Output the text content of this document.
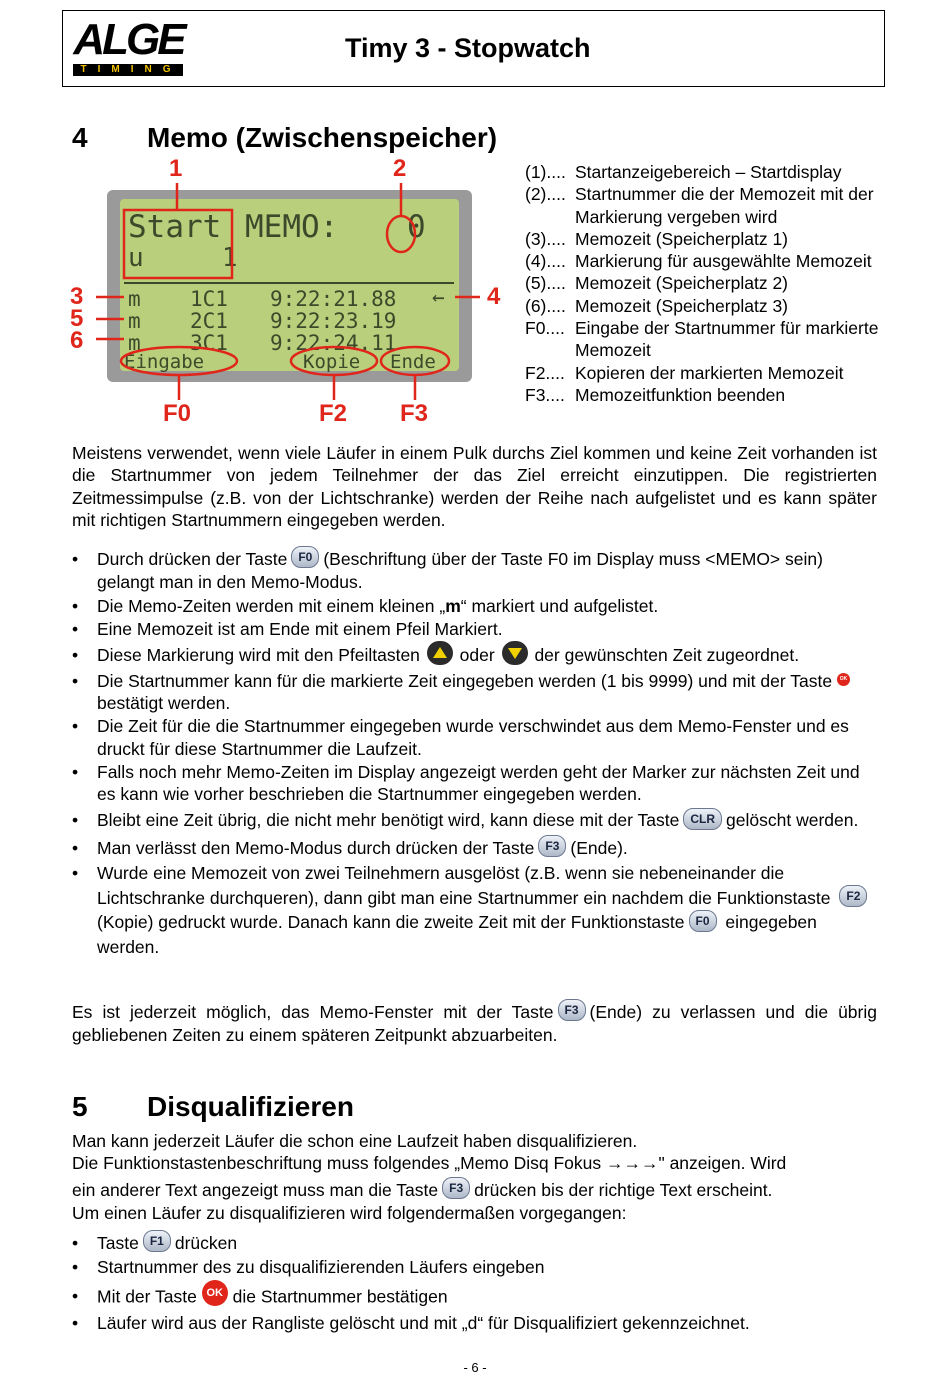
ALGE
TIMING
Timy 3 - Stopwatch
4 Memo (Zwischenspeicher)
Start MEMO: 0
u     1
m 1C1 9:22:21.88 ←
m 2C1 9:22:23.19
m 3C1 9:22:24.11
Eingabe	Kopie Ende
1	2
3
5
6
4
F0	F2 F3
(1).... Startanzeigebereich – Startdisplay
(2).... Startnummer die der Memozeit mit der Markierung vergeben wird
(3).... Memozeit (Speicherplatz 1)
(4).... Markierung für ausgewählte Memozeit
(5).... Memozeit (Speicherplatz 2)
(6).... Memozeit (Speicherplatz 3)
F0.... Eingabe der Startnummer für markierte Memozeit
F2.... Kopieren der markierten Memozeit
F3.... Memozeitfunktion beenden

Meistens verwendet, wenn viele Läufer in einem Pulk durchs Ziel kommen und keine Zeit vorhanden ist die Startnummer von jedem Teilnehmer der das Ziel erreicht einzutippen. Die registrierten Zeitmessimpulse (z.B. von der Lichtschranke) werden der Reihe nach aufgelistet und es kann später mit richtigen Startnummern eingegeben werden.

• Durch drücken der Taste F0 (Beschriftung über der Taste F0 im Display muss <MEMO> sein) gelangt man in den Memo-Modus.
• Die Memo-Zeiten werden mit einem kleinen „m“ markiert und aufgelistet.
• Eine Memozeit ist am Ende mit einem Pfeil Markiert.
• Diese Markierung wird mit den Pfeiltasten oder der gewünschten Zeit zugeordnet.
• Die Startnummer kann für die markierte Zeit eingegeben werden (1 bis 9999) und mit der Taste OK bestätigt werden.
• Die Zeit für die die Startnummer eingegeben wurde verschwindet aus dem Memo-Fenster und es druckt für diese Startnummer die Laufzeit.
• Falls noch mehr Memo-Zeiten im Display angezeigt werden geht der Marker zur nächsten Zeit und es kann wie vorher beschrieben die Startnummer eingegeben werden.
• Bleibt eine Zeit übrig, die nicht mehr benötigt wird, kann diese mit der Taste CLR gelöscht werden.
• Man verlässt den Memo-Modus durch drücken der Taste F3 (Ende).
• Wurde eine Memozeit von zwei Teilnehmern ausgelöst (z.B. wenn sie nebeneinander die Lichtschranke durchqueren), dann gibt man eine Startnummer ein nachdem die Funktionstaste F2(Kopie) gedruckt wurde. Danach kann die zweite Zeit mit der Funktionstaste F0 eingegeben werden.

Es ist jederzeit möglich, das Memo-Fenster mit der Taste F3 (Ende) zu verlassen und die übrig gebliebenen Zeiten zu einem späteren Zeitpunkt abzuarbeiten.

5 Disqualifizieren
Man kann jederzeit Läufer die schon eine Laufzeit haben disqualifizieren.
Die Funktionstastenbeschriftung muss folgendes „Memo Disq Fokus →→→" anzeigen. Wird
ein anderer Text angezeigt muss man die Taste F3 drücken bis der richtige Text erscheint.
Um einen Läufer zu disqualifizieren wird folgendermaßen vorgegangen:
• Taste F1 drücken
• Startnummer des zu disqualifizierenden Läufers eingeben
• Mit der Taste OK die Startnummer bestätigen
• Läufer wird aus der Rangliste gelöscht und mit „d“ für Disqualifiziert gekennzeichnet.
- 6 -
